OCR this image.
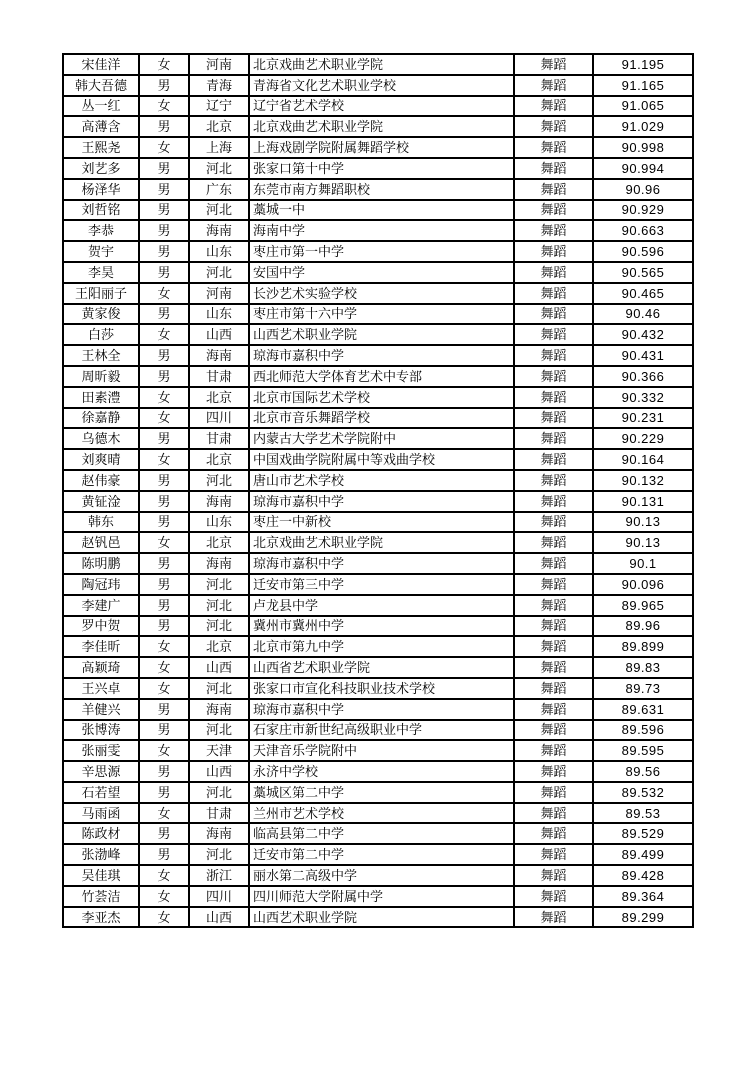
宋佳洋	女	河南	北京戏曲艺术职业学院	舞蹈	91.195
韩大吾德	男	青海	青海省文化艺术职业学校	舞蹈	91.165
丛一红	女	辽宁	辽宁省艺术学校	舞蹈	91.065
高薄含	男	北京	北京戏曲艺术职业学院	舞蹈	91.029
王熙尧	女	上海	上海戏剧学院附属舞蹈学校	舞蹈	90.998
刘艺多	男	河北	张家口第十中学	舞蹈	90.994
杨泽华	男	广东	东莞市南方舞蹈职校	舞蹈	90.96
刘哲铭	男	河北	藁城一中	舞蹈	90.929
李恭	男	海南	海南中学	舞蹈	90.663
贺宇	男	山东	枣庄市第一中学	舞蹈	90.596
李昊	男	河北	安国中学	舞蹈	90.565
王阳丽子	女	河南	长沙艺术实验学校	舞蹈	90.465
黄家俊	男	山东	枣庄市第十六中学	舞蹈	90.46
白莎	女	山西	山西艺术职业学院	舞蹈	90.432
王林全	男	海南	琼海市嘉积中学	舞蹈	90.431
周昕毅	男	甘肃	西北师范大学体育艺术中专部	舞蹈	90.366
田素澧	女	北京	北京市国际艺术学校	舞蹈	90.332
徐嘉静	女	四川	北京市音乐舞蹈学校	舞蹈	90.231
乌德木	男	甘肃	内蒙古大学艺术学院附中	舞蹈	90.229
刘爽晴	女	北京	中国戏曲学院附属中等戏曲学校	舞蹈	90.164
赵伟豪	男	河北	唐山市艺术学校	舞蹈	90.132
黄钲淦	男	海南	琼海市嘉积中学	舞蹈	90.131
韩东	男	山东	枣庄一中新校	舞蹈	90.13
赵钒邑	女	北京	北京戏曲艺术职业学院	舞蹈	90.13
陈明鹏	男	海南	琼海市嘉积中学	舞蹈	90.1
陶冠玮	男	河北	迁安市第三中学	舞蹈	90.096
李建广	男	河北	卢龙县中学	舞蹈	89.965
罗中贺	男	河北	冀州市冀州中学	舞蹈	89.96
李佳昕	女	北京	北京市第九中学	舞蹈	89.899
高颖琦	女	山西	山西省艺术职业学院	舞蹈	89.83
王兴卓	女	河北	张家口市宣化科技职业技术学校	舞蹈	89.73
羊健兴	男	海南	琼海市嘉积中学	舞蹈	89.631
张博涛	男	河北	石家庄市新世纪高级职业中学	舞蹈	89.596
张丽雯	女	天津	天津音乐学院附中	舞蹈	89.595
辛思源	男	山西	永济中学校	舞蹈	89.56
石若望	男	河北	藁城区第二中学	舞蹈	89.532
马雨函	女	甘肃	兰州市艺术学校	舞蹈	89.53
陈政材	男	海南	临高县第二中学	舞蹈	89.529
张渤峰	男	河北	迁安市第二中学	舞蹈	89.499
吴佳琪	女	浙江	丽水第二高级中学	舞蹈	89.428
竹荟洁	女	四川	四川师范大学附属中学	舞蹈	89.364
李亚杰	女	山西	山西艺术职业学院	舞蹈	89.299
